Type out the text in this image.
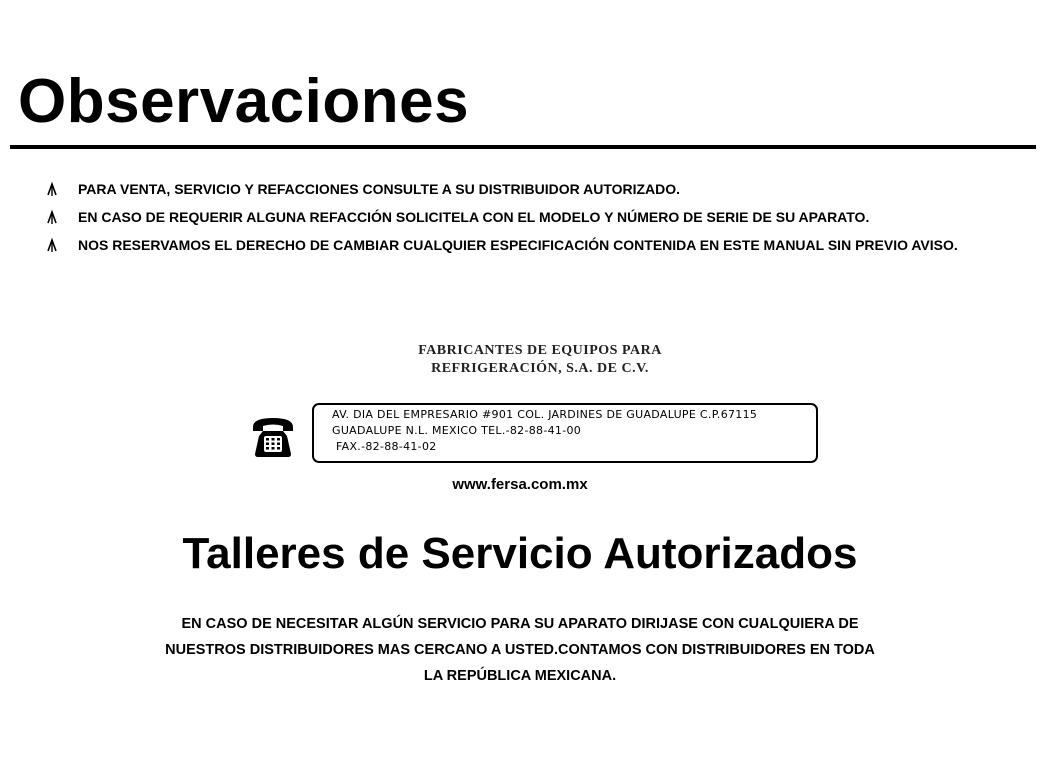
Observaciones
PARA VENTA, SERVICIO Y REFACCIONES CONSULTE A SU DISTRIBUIDOR AUTORIZADO.
EN CASO DE REQUERIR ALGUNA REFACCIÓN SOLICITELA CON EL MODELO Y NÚMERO DE SERIE DE SU APARATO.
NOS RESERVAMOS EL DERECHO DE CAMBIAR CUALQUIER ESPECIFICACIÓN CONTENIDA EN ESTE MANUAL SIN PREVIO AVISO.
FABRICANTES DE EQUIPOS PARA
REFRIGERACIÓN, S.A. DE C.V.
AV. DIA DEL EMPRESARIO #901 COL. JARDINES DE GUADALUPE C.P.67115
GUADALUPE N.L. MEXICO TEL.-82-88-41-00
FAX.-82-88-41-02
www.fersa.com.mx
Talleres de Servicio Autorizados
EN CASO DE NECESITAR ALGÚN SERVICIO PARA SU APARATO DIRIJASE CON CUALQUIERA DE
NUESTROS DISTRIBUIDORES MAS CERCANO A USTED.CONTAMOS CON DISTRIBUIDORES EN TODA
LA REPÚBLICA MEXICANA.
